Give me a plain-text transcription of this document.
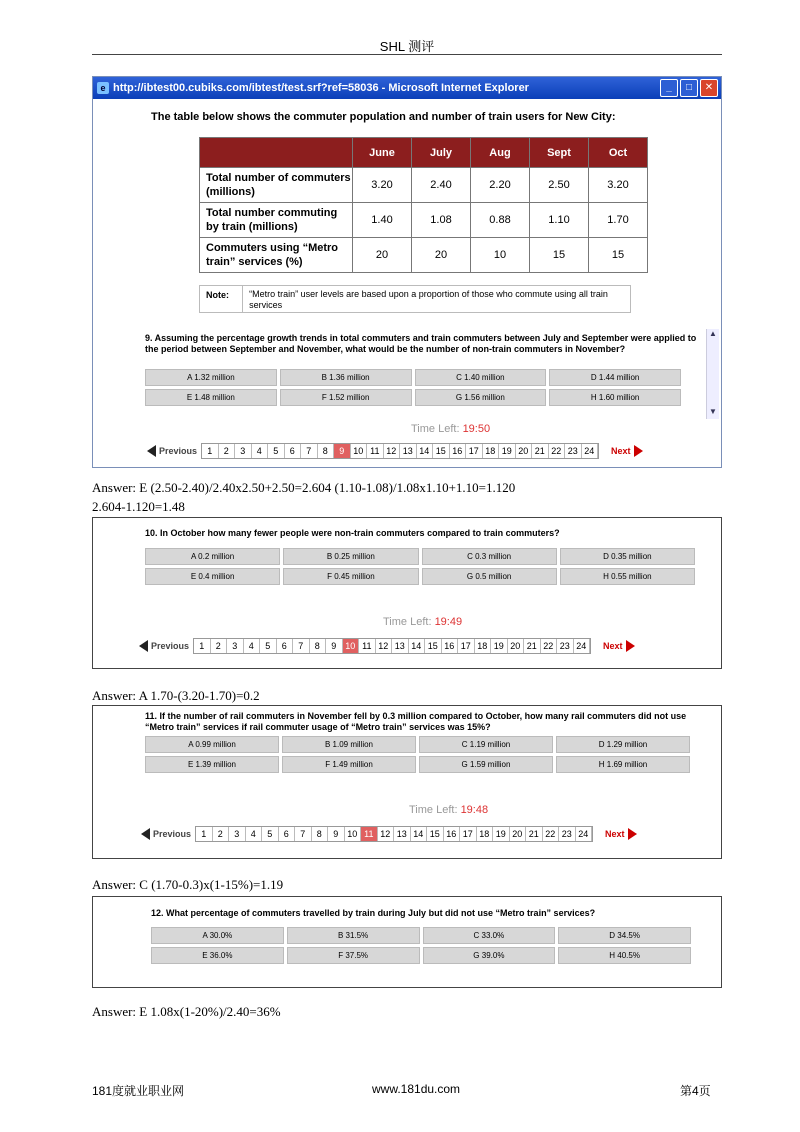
SHL 测评
e http://ibtest00.cubiks.com/ibtest/test.srf?ref=58036 - Microsoft Internet Explorer	_	□	✕
The table below shows the commuter population and number of train users for New City:
	June	July	Aug	Sept	Oct
Total number of commuters (millions)	3.20	2.40	2.20	2.50	3.20
Total number commuting by train (millions)	1.40	1.08	0.88	1.10	1.70
Commuters using “Metro train” services (%)	20	20	10	15	15
Note:	“Metro train” user levels are based upon a proportion of those who commute using all train services
9. Assuming the percentage growth trends in total commuters and train commuters between July and September were applied to the period between September and November, what would be the number of non-train commuters in November?
A 1.32 million	B 1.36 million	C 1.40 million	D 1.44 million
E 1.48 million	F 1.52 million	G 1.56 million	H 1.60 million
▲
▼
Time Left: 19:50
Previous	1	2	3	4	5	6	7	8	9 10 11 12 13 14 15 16 17 18 19 20 21 22 23 24	Next
Answer: E (2.50-2.40)/2.40x2.50+2.50=2.604 (1.10-1.08)/1.08x1.10+1.10=1.120
2.604-1.120=1.48
10. In October how many fewer people were non-train commuters compared to train commuters?
A 0.2 million	B 0.25 million	C 0.3 million	D 0.35 million
E 0.4 million	F 0.45 million	G 0.5 million	H 0.55 million
Time Left: 19:49
Previous	1	2	3	4	5	6	7	8	9 10 11 12 13 14 15 16 17 18 19 20 21 22 23 24	Next
Answer: A 1.70-(3.20-1.70)=0.2
11. If the number of rail commuters in November fell by 0.3 million compared to October, how many rail commuters did not use “Metro train” services if rail commuter usage of “Metro train” services was 15%?
A 0.99 million	B 1.09 million	C 1.19 million	D 1.29 million
E 1.39 million	F 1.49 million	G 1.59 million	H 1.69 million
Time Left: 19:48
Previous	1	2	3	4	5	6	7	8	9 10 11 12 13 14 15 16 17 18 19 20 21 22 23 24	Next
Answer: C (1.70-0.3)x(1-15%)=1.19
12. What percentage of commuters travelled by train during July but did not use “Metro train” services?
A 30.0%	B 31.5%	C 33.0%	D 34.5%
E 36.0%	F 37.5%	G 39.0%	H 40.5%
Answer: E 1.08x(1-20%)/2.40=36%
181度就业职业网	www.181du.com	第4页
